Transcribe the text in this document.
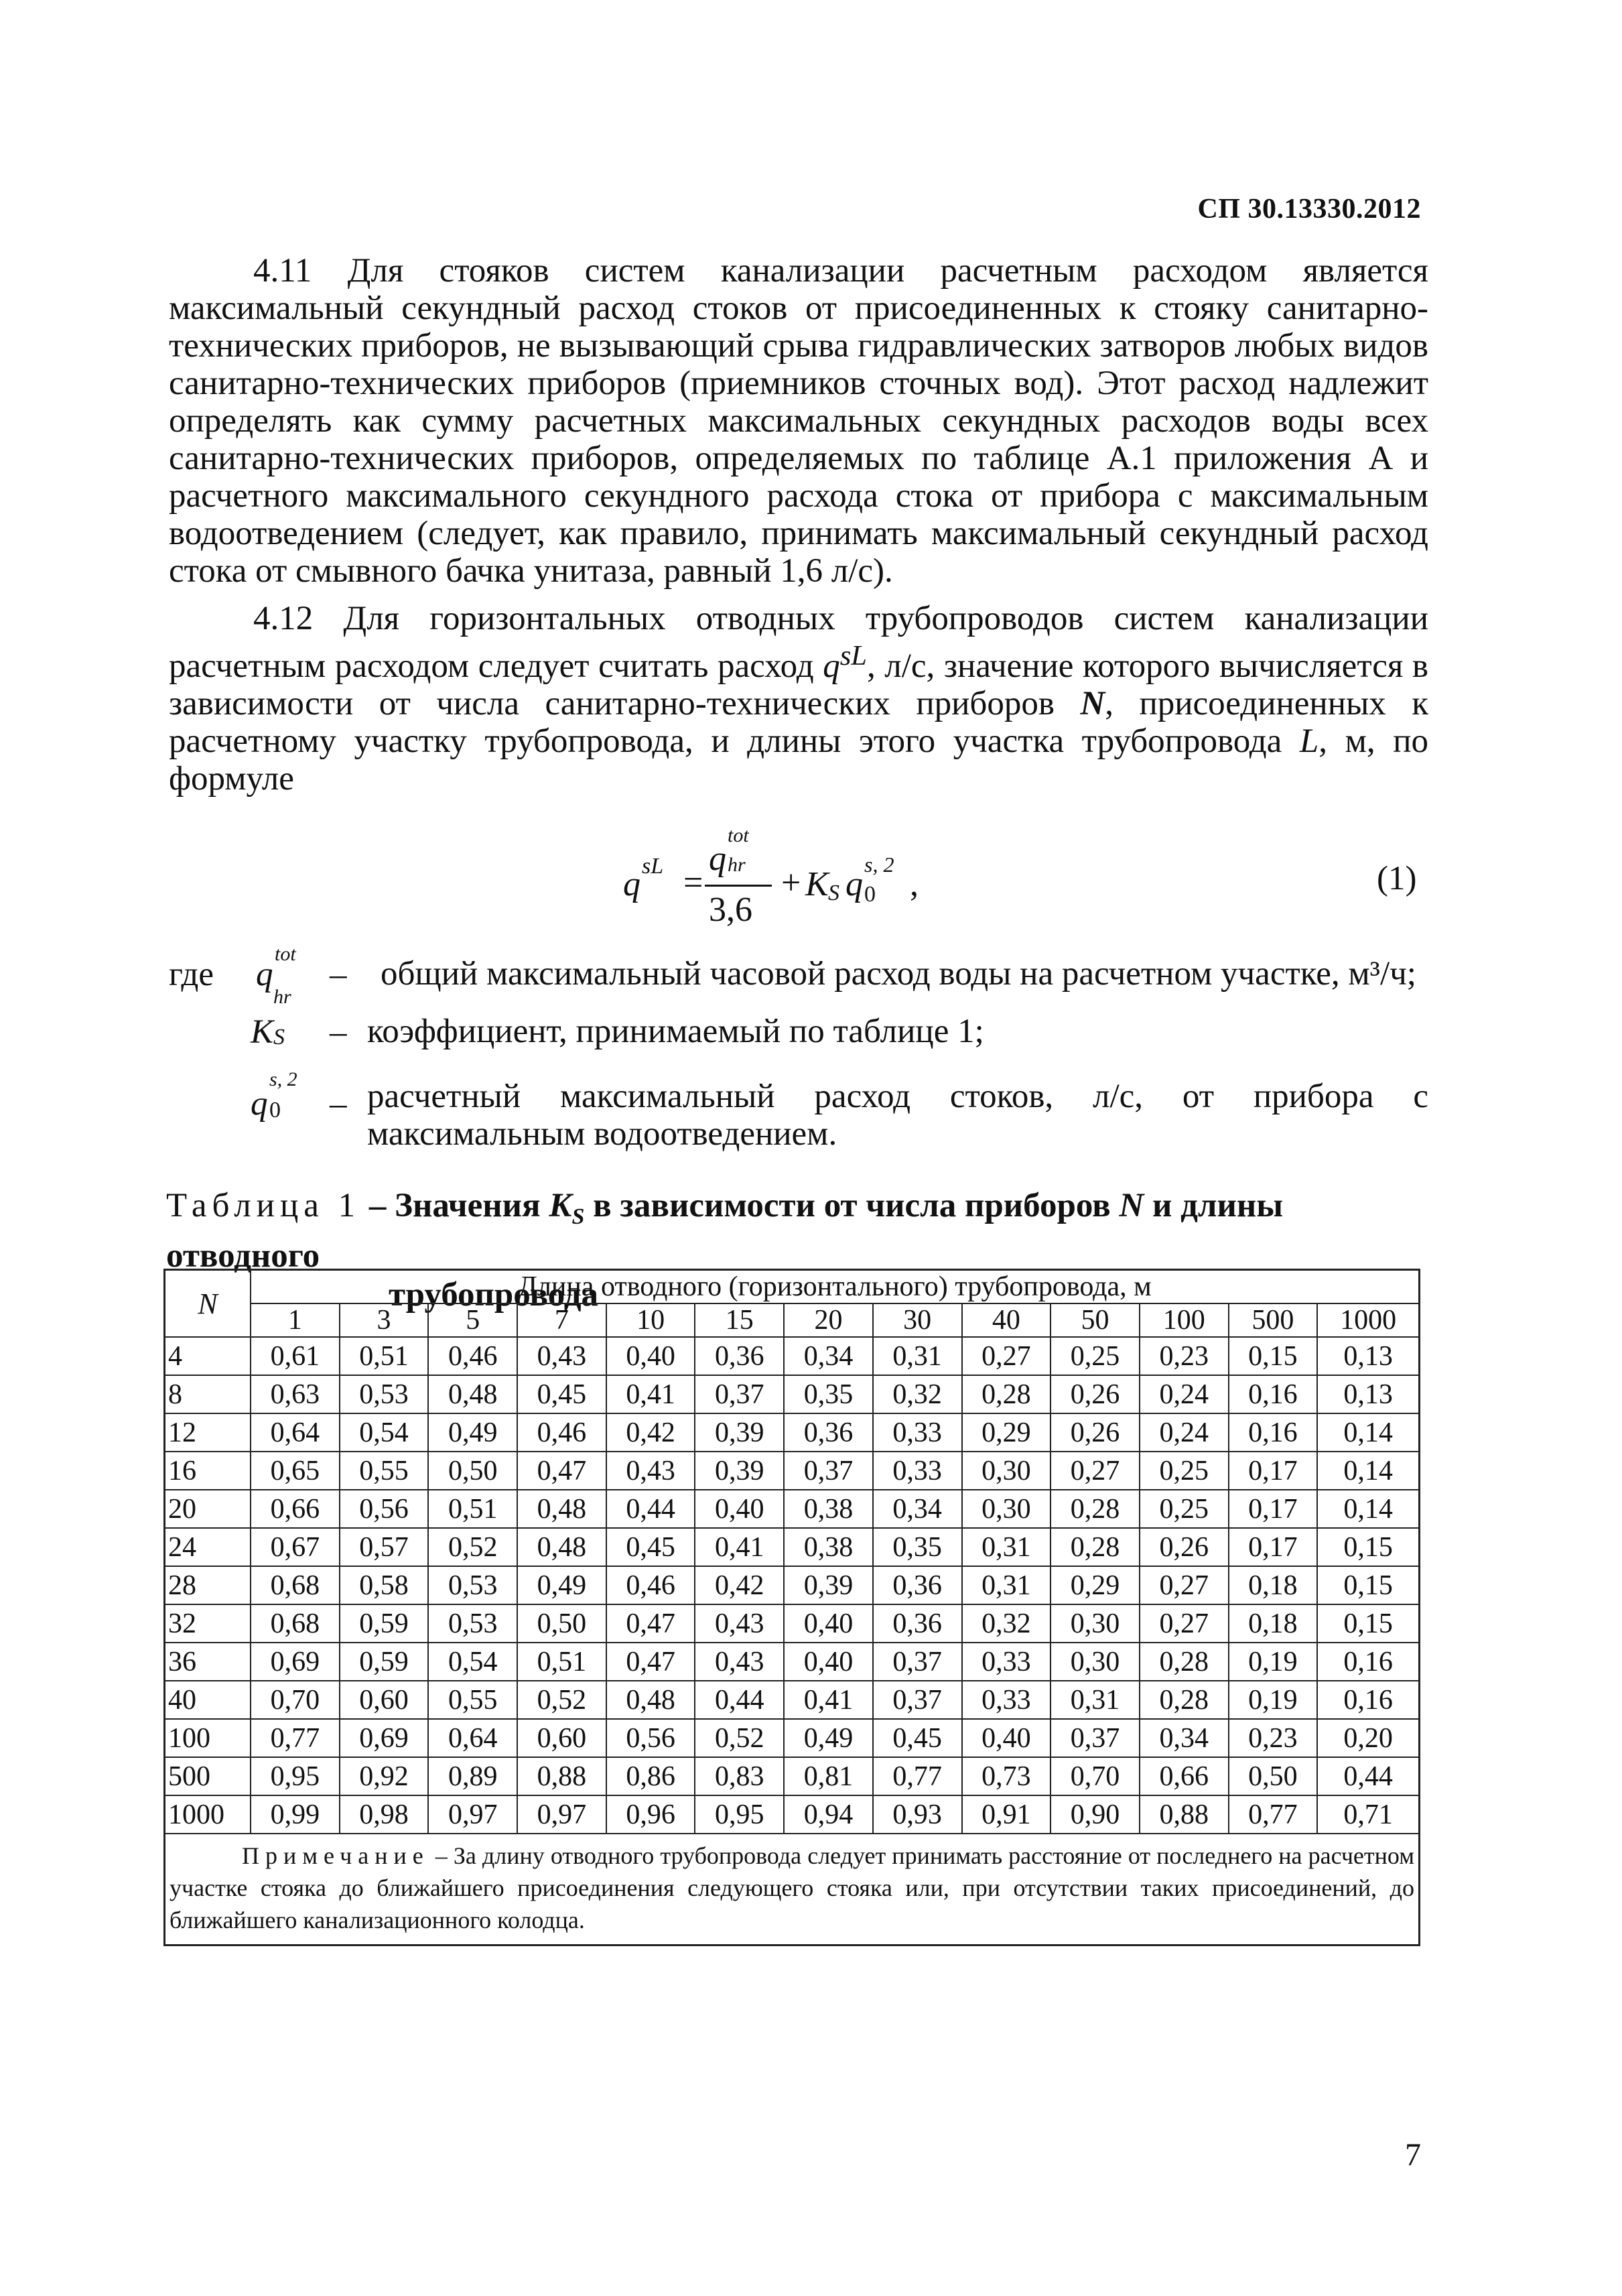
СП 30.13330.2012
4.11 Для стояков систем канализации расчетным расходом является максимальный секундный расход стоков от присоединенных к стояку санитарно-технических приборов, не вызывающий срыва гидравлических затворов любых видов санитарно-технических приборов (приемников сточных вод). Этот расход надлежит определять как сумму расчетных максимальных секундных расходов воды всех санитарно-технических приборов, определяемых по таблице А.1 приложения А и расчетного максимального секундного расхода стока от прибора с максимальным водоотведением (следует, как правило, принимать максимальный секундный расход стока от смывного бачка унитаза, равный 1,6 л/с).
4.12 Для горизонтальных отводных трубопроводов систем канализации расчетным расходом следует считать расход $q^{sL}$, л/с, значение которого вычисляется в зависимости от числа санитарно-технических приборов N, присоединенных к расчетному участку трубопровода, и длины этого участка трубопровода L, м, по формуле
q sL =
q
tot
hr
3,6
+ K S q
s, 2
0 ,	(1)
где q
tot
hr
– общий максимальный часовой расход воды на расчетном участке, м³/ч;
K S – коэффициент, принимаемый по таблице 1;
q
s, 2
0 – расчетный максимальный расход стоков, л/с, от прибора с максимальным водоотведением.
Таблица 1 – Значения $K_S$ в зависимости от числа приборов N и длины отводного
трубопровода
N	Длина отводного (горизонтального) трубопровода, м												
	1	3	5	7	10	15	20	30	40	50	100	500	1000
4	0,61	0,51	0,46	0,43	0,40	0,36	0,34	0,31	0,27	0,25	0,23	0,15	0,13
8	0,63	0,53	0,48	0,45	0,41	0,37	0,35	0,32	0,28	0,26	0,24	0,16	0,13
12	0,64	0,54	0,49	0,46	0,42	0,39	0,36	0,33	0,29	0,26	0,24	0,16	0,14
16	0,65	0,55	0,50	0,47	0,43	0,39	0,37	0,33	0,30	0,27	0,25	0,17	0,14
20	0,66	0,56	0,51	0,48	0,44	0,40	0,38	0,34	0,30	0,28	0,25	0,17	0,14
24	0,67	0,57	0,52	0,48	0,45	0,41	0,38	0,35	0,31	0,28	0,26	0,17	0,15
28	0,68	0,58	0,53	0,49	0,46	0,42	0,39	0,36	0,31	0,29	0,27	0,18	0,15
32	0,68	0,59	0,53	0,50	0,47	0,43	0,40	0,36	0,32	0,30	0,27	0,18	0,15
36	0,69	0,59	0,54	0,51	0,47	0,43	0,40	0,37	0,33	0,30	0,28	0,19	0,16
40	0,70	0,60	0,55	0,52	0,48	0,44	0,41	0,37	0,33	0,31	0,28	0,19	0,16
100	0,77	0,69	0,64	0,60	0,56	0,52	0,49	0,45	0,40	0,37	0,34	0,23	0,20
500	0,95	0,92	0,89	0,88	0,86	0,83	0,81	0,77	0,73	0,70	0,66	0,50	0,44
1000	0,99	0,98	0,97	0,97	0,96	0,95	0,94	0,93	0,91	0,90	0,88	0,77	0,71
   Примечание – За длину отводного трубопровода следует принимать расстояние от последнего на расчетном участке стояка до ближайшего присоединения следующего стояка или, при отсутствии таких присоединений, до ближайшего канализационного колодца.													
7
